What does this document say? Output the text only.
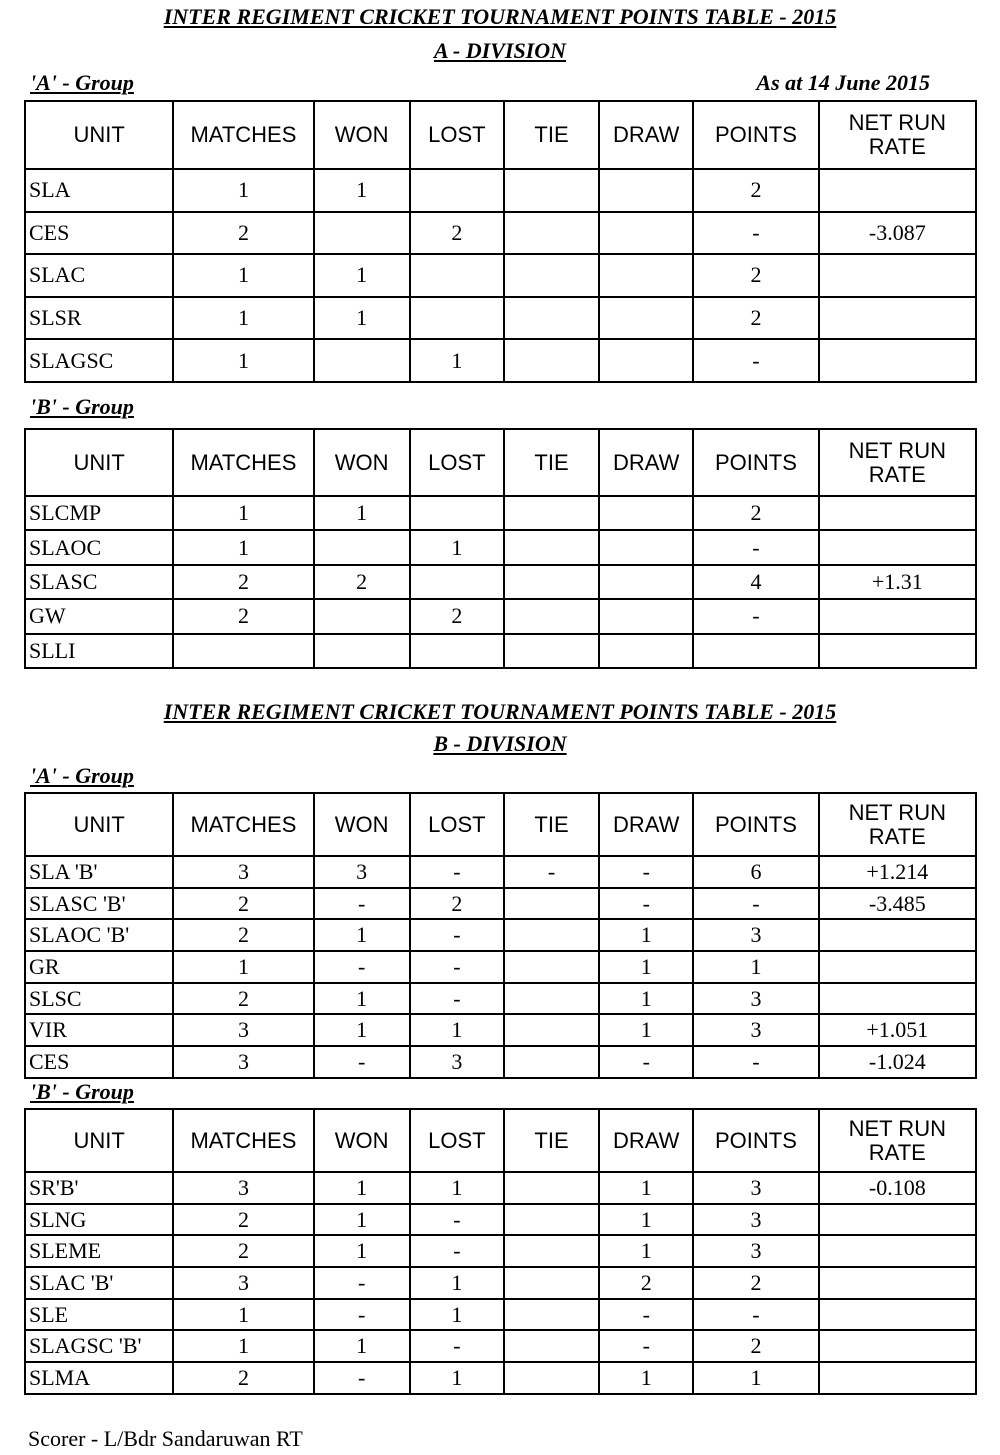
INTER REGIMENT CRICKET TOURNAMENT POINTS TABLE - 2015
A - DIVISION
'A' - Group	As at 14 June 2015
UNIT	MATCHES	WON	LOST	TIE	DRAW	POINTS	NET RUN
RATE

SLA	1	1				2	
CES	2		2			-	-3.087
SLAC	1	1				2	
SLSR	1	1				2	
SLAGSC	1		1			-	
'B' - Group
UNIT	MATCHES	WON	LOST	TIE	DRAW	POINTS	NET RUN
RATE

SLCMP	1	1				2	
SLAOC	1		1			-	
SLASC	2	2				4	+1.31
GW	2		2			-	
SLLI							
INTER REGIMENT CRICKET TOURNAMENT POINTS TABLE - 2015
B - DIVISION
'A' - Group
UNIT	MATCHES	WON	LOST	TIE	DRAW	POINTS	NET RUN
RATE

SLA 'B'	3	3	-	-	-	6	+1.214
SLASC 'B'	2	-	2		-	-	-3.485
SLAOC 'B'	2	1	-		1	3	
GR	1	-	-		1	1	
SLSC	2	1	-		1	3	
VIR	3	1	1		1	3	+1.051
CES	3	-	3		-	-	-1.024
'B' - Group
UNIT	MATCHES	WON	LOST	TIE	DRAW	POINTS	NET RUN
RATE

SR'B'	3	1	1		1	3	-0.108
SLNG	2	1	-		1	3	
SLEME	2	1	-		1	3	
SLAC 'B'	3	-	1		2	2	
SLE	1	-	1		-	-	
SLAGSC 'B'	1	1	-		-	2	
SLMA	2	-	1		1	1	
Scorer - L/Bdr Sandaruwan RT
